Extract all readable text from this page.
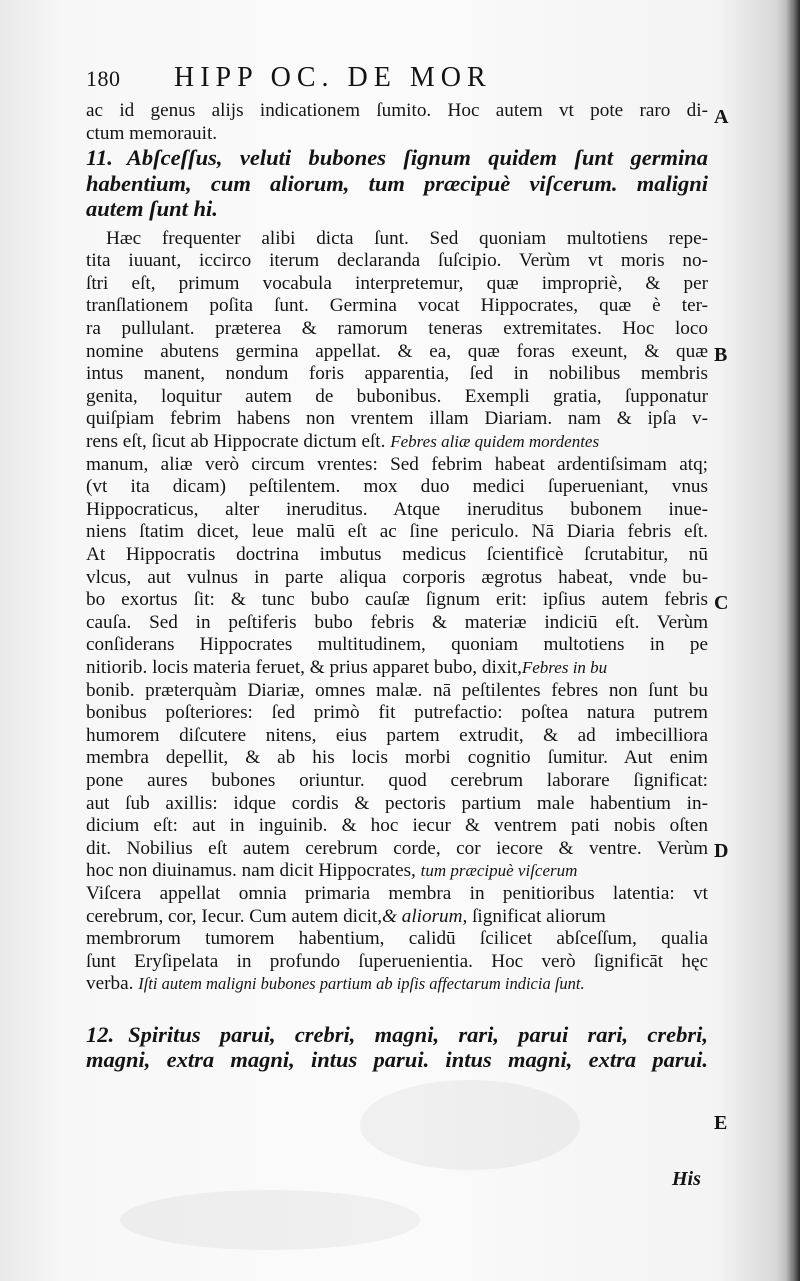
180 HIPP OC. DE MOR
A
B
C
D
E
ac id genus alijs indicationem ſumito. Hoc autem vt pote raro di-
ctum memorauit.
11. Abſceſſus, veluti bubones ſignum quidem ſunt germina
habentium, cum aliorum, tum præcipuè viſcerum. maligni
autem ſunt hi.
Hæc frequenter alibi dicta ſunt. Sed quoniam multotiens repe-
tita iuuant, iccirco iterum declaranda ſuſcipio. Verùm vt moris no-
ſtri eſt, primum vocabula interpretemur, quæ impropriè, & per
tranſlationem poſita ſunt. Germina vocat Hippocrates, quæ è ter-
ra pullulant. præterea & ramorum teneras extremitates. Hoc loco
nomine abutens germina appellat. & ea, quæ foras exeunt, & quæ
intus manent, nondum foris apparentia, ſed in nobilibus membris
genita, loquitur autem de bubonibus. Exempli gratia, ſupponatur
quiſpiam febrim habens non vrentem illam Diariam. nam & ipſa v-
rens eſt, ſicut ab Hippocrate dictum eſt. Febres aliæ quidem mordentes
manum, aliæ verò circum vrentes: Sed febrim habeat ardentiſsimam atq;
(vt ita dicam) peſtilentem. mox duo medici ſuperueniant, vnus
Hippocraticus, alter ineruditus. Atque ineruditus bubonem inue-
niens ſtatim dicet, leue malū eſt ac ſine periculo. Nā Diaria febris eſt.
At Hippocratis doctrina imbutus medicus ſcientificè ſcrutabitur, nū
vlcus, aut vulnus in parte aliqua corporis ægrotus habeat, vnde bu-
bo exortus ſit: & tunc bubo cauſæ ſignum erit: ipſius autem febris
cauſa. Sed in peſtiferis bubo febris & materiæ indiciū eſt. Verùm
conſiderans Hippocrates multitudinem, quoniam multotiens in pe
nitiorib. locis materia feruet, & prius apparet bubo, dixit,Febres in bu
bonib. præterquàm Diariæ, omnes malæ. nā peſtilentes febres non ſunt bu
bonibus poſteriores: ſed primò fit putrefactio: poſtea natura putrem
humorem diſcutere nitens, eius partem extrudit, & ad imbecilliora
membra depellit, & ab his locis morbi cognitio ſumitur. Aut enim
pone aures bubones oriuntur. quod cerebrum laborare ſignificat:
aut ſub axillis: idque cordis & pectoris partium male habentium in-
dicium eſt: aut in inguinib. & hoc iecur & ventrem pati nobis oſten
dit. Nobilius eſt autem cerebrum corde, cor iecore & ventre. Verùm
hoc non diuinamus. nam dicit Hippocrates, tum præcipuè viſcerum
Viſcera appellat omnia primaria membra in penitioribus latentia: vt
cerebrum, cor, Iecur. Cum autem dicit,& aliorum, ſignificat aliorum
membrorum tumorem habentium, calidū ſcilicet abſceſſum, qualia
ſunt Eryſipelata in profundo ſuperuenientia. Hoc verò ſignificāt hęc
verba. Iſti autem maligni bubones partium ab ipſis affectarum indicia ſunt.
12. Spiritus parui, crebri, magni, rari, parui rari, crebri,
magni, extra magni, intus parui. intus magni, extra parui.
His
